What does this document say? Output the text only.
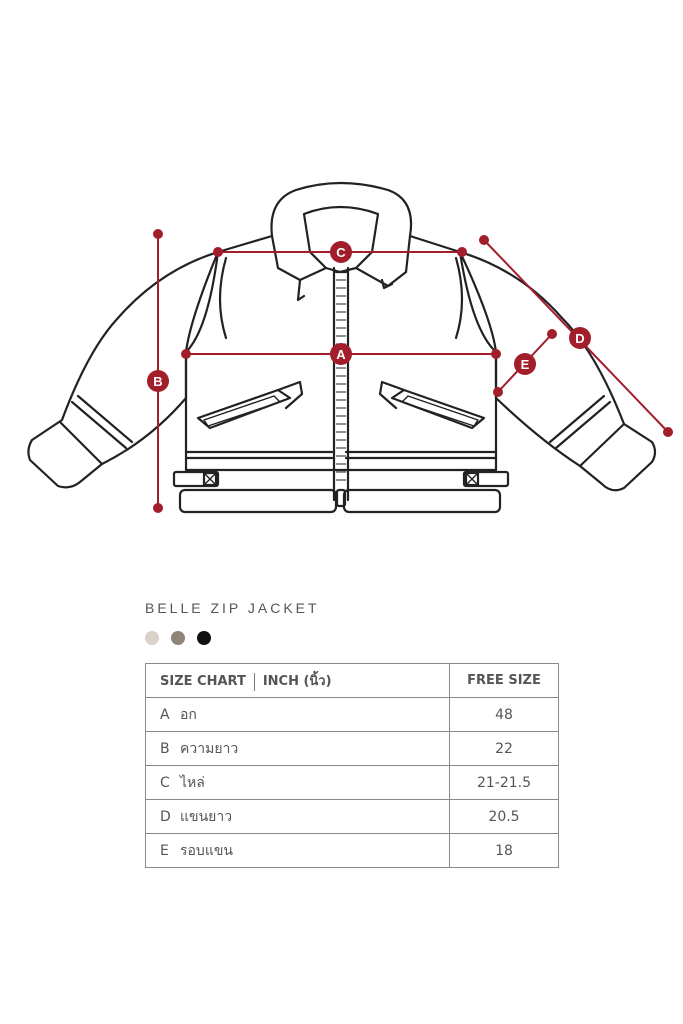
A
B
C
D
E
BELLE ZIP JACKET
SIZE CHART INCH (นิ้ว)	FREE SIZE
A อก	48
B ความยาว	22
C ไหล่	21-21.5
D แขนยาว	20.5
E รอบแขน	18
